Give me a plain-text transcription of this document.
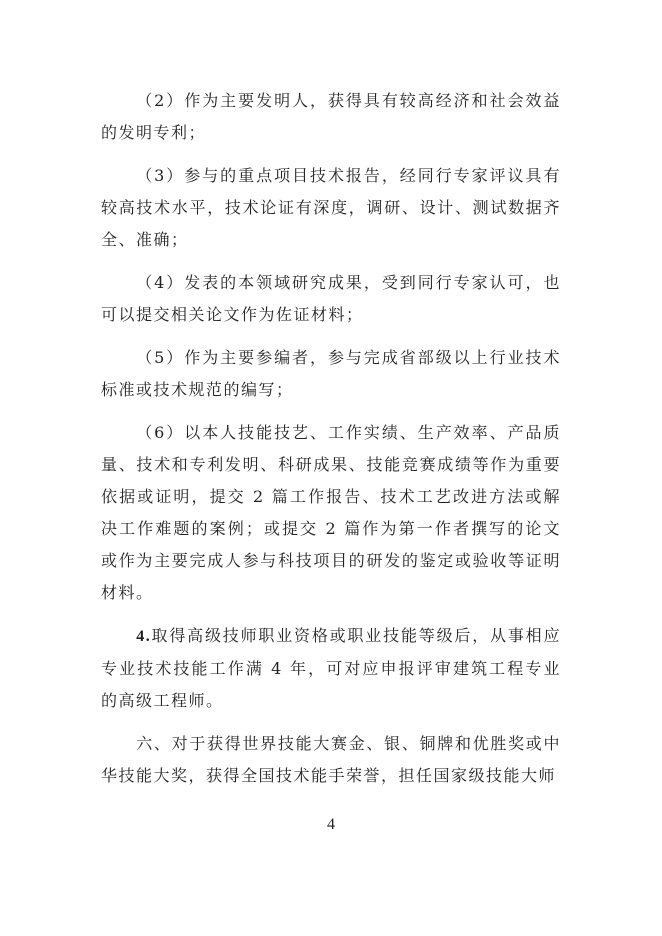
（2）作为主要发明人，获得具有较高经济和社会效益的发明专利；

（3）参与的重点项目技术报告，经同行专家评议具有较高技术水平，技术论证有深度，调研、设计、测试数据齐全、准确；

（4）发表的本领域研究成果，受到同行专家认可，也可以提交相关论文作为佐证材料；

（5）作为主要参编者，参与完成省部级以上行业技术标准或技术规范的编写；

（6）以本人技能技艺、工作实绩、生产效率、产品质量、技术和专利发明、科研成果、技能竞赛成绩等作为重要依据或证明，提交 2 篇工作报告、技术工艺改进方法或解决工作难题的案例；或提交 2 篇作为第一作者撰写的论文或作为主要完成人参与科技项目的研发的鉴定或验收等证明材料。

4.取得高级技师职业资格或职业技能等级后，从事相应专业技术技能工作满 4 年，可对应申报评审建筑工程专业的高级工程师。

六、对于获得世界技能大赛金、银、铜牌和优胜奖或中华技能大奖，获得全国技术能手荣誉，担任国家级技能大师

4
